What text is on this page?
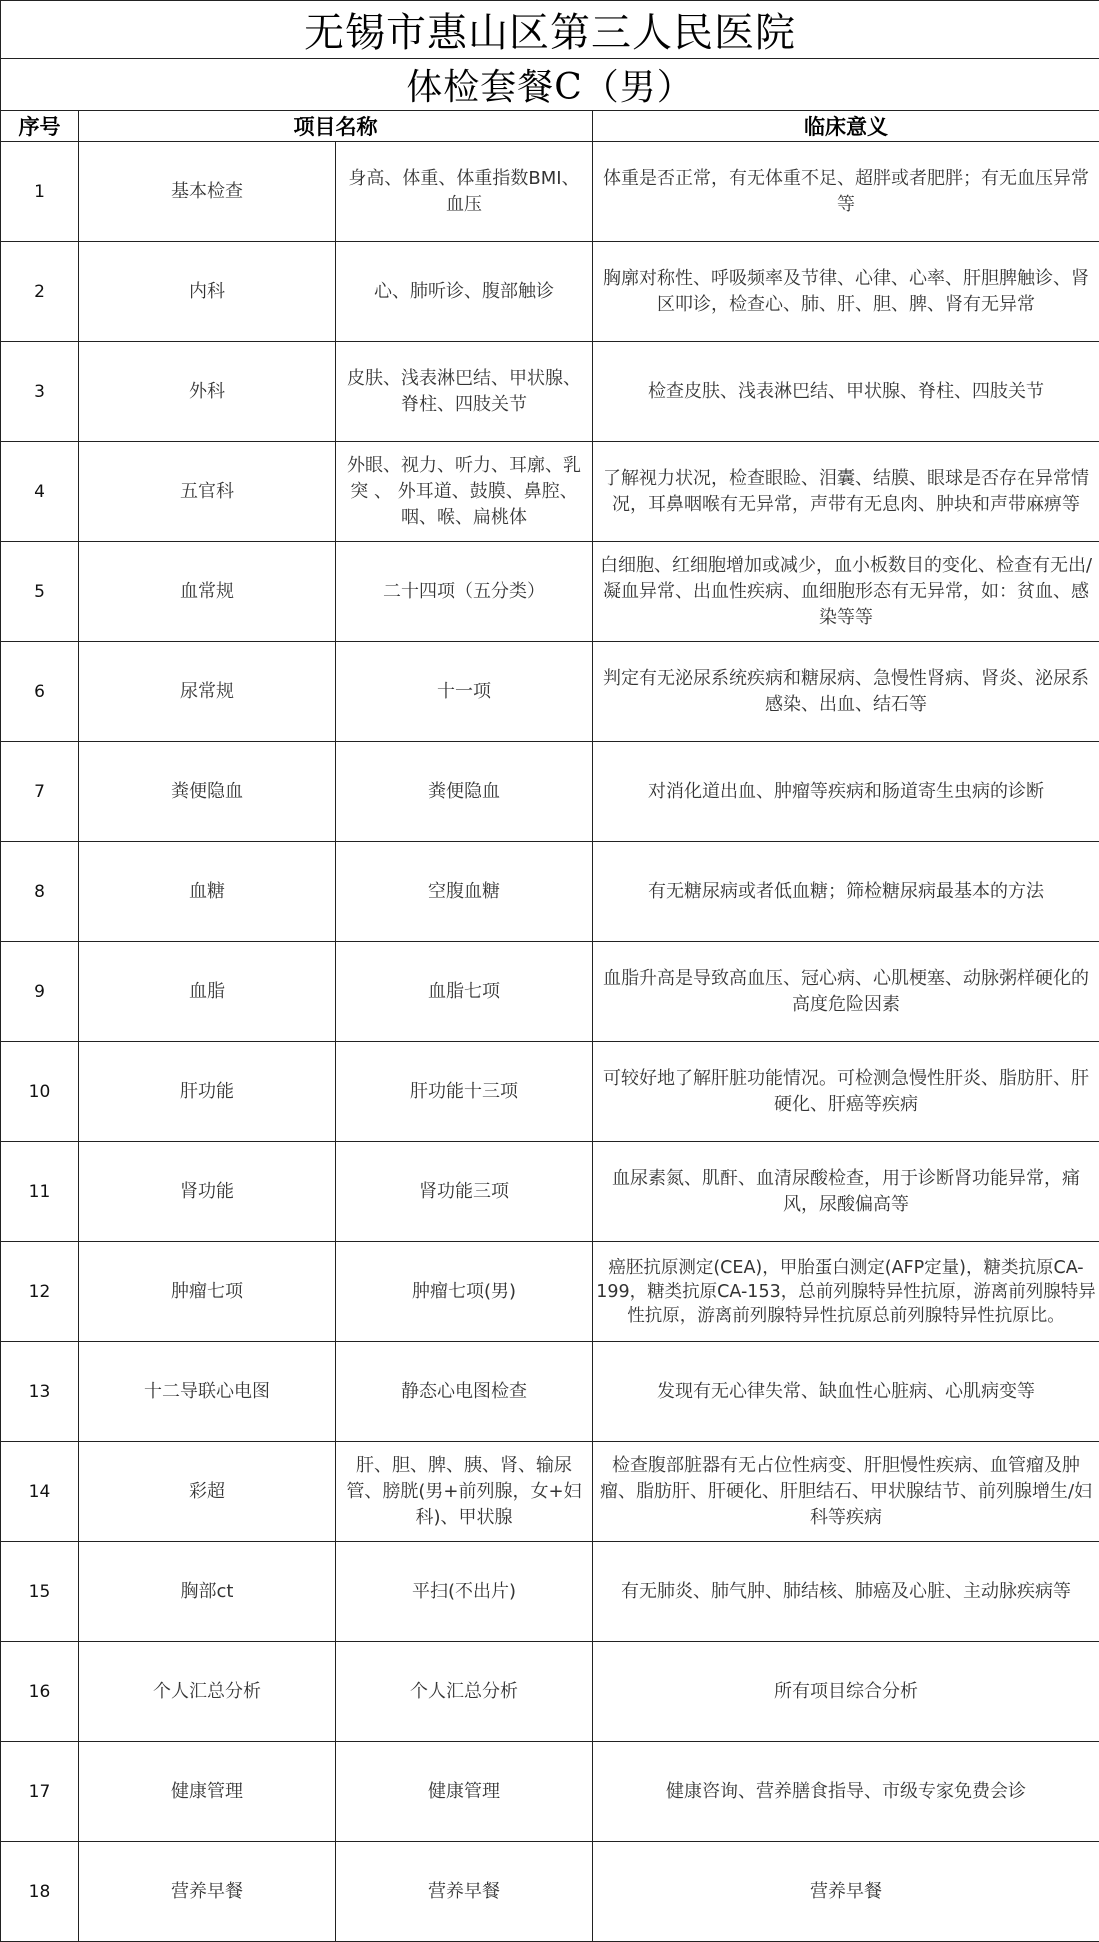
无锡市惠山区第三人民医院			
体检套餐C（男）			
序号	项目名称		临床意义
1	基本检查	身高、体重、体重指数BMI、血压	体重是否正常，有无体重不足、超胖或者肥胖；有无血压异常等
2	内科	心、肺听诊、腹部触诊	胸廓对称性、呼吸频率及节律、心律、心率、肝胆脾触诊、肾区叩诊，检查心、肺、肝、胆、脾、肾有无异常
3	外科	皮肤、浅表淋巴结、甲状腺、脊柱、四肢关节	检查皮肤、浅表淋巴结、甲状腺、脊柱、四肢关节
4	五官科	外眼、视力、听力、耳廓、乳突 、 外耳道、鼓膜、鼻腔、咽、喉、扁桃体	了解视力状况，检查眼睑、泪囊、结膜、眼球是否存在异常情况，耳鼻咽喉有无异常，声带有无息肉、肿块和声带麻痹等
5	血常规	二十四项（五分类）	白细胞、红细胞增加或减少，血小板数目的变化、检查有无出/ 凝血异常、出血性疾病、血细胞形态有无异常，如：贫血、感染等等
6	尿常规	十一项	判定有无泌尿系统疾病和糖尿病、急慢性肾病、肾炎、泌尿系感染、出血、结石等
7	粪便隐血	粪便隐血	对消化道出血、肿瘤等疾病和肠道寄生虫病的诊断
8	血糖	空腹血糖	有无糖尿病或者低血糖；筛检糖尿病最基本的方法
9	血脂	血脂七项	血脂升高是导致高血压、冠心病、心肌梗塞、动脉粥样硬化的高度危险因素
10	肝功能	肝功能十三项	可较好地了解肝脏功能情况。可检测急慢性肝炎、脂肪肝、肝硬化、肝癌等疾病
11	肾功能	肾功能三项	血尿素氮、肌酐、血清尿酸检查，用于诊断肾功能异常，痛风，尿酸偏高等
12	肿瘤七项	肿瘤七项(男)	癌胚抗原测定(CEA)，甲胎蛋白测定(AFP定量)，糖类抗原CA-199，糖类抗原CA-153，总前列腺特异性抗原，游离前列腺特异性抗原，游离前列腺特异性抗原总前列腺特异性抗原比。
13	十二导联心电图	静态心电图检查	发现有无心律失常、缺血性心脏病、心肌病变等
14	彩超	肝、胆、脾、胰、肾、输尿管、膀胱(男+前列腺，女+妇科)、甲状腺	检查腹部脏器有无占位性病变、肝胆慢性疾病、血管瘤及肿瘤、脂肪肝、肝硬化、肝胆结石、甲状腺结节、前列腺增生/妇科等疾病
15	胸部ct	平扫(不出片)	有无肺炎、肺气肿、肺结核、肺癌及心脏、主动脉疾病等
16	个人汇总分析	个人汇总分析	所有项目综合分析
17	健康管理	健康管理	健康咨询、营养膳食指导、市级专家免费会诊
18	营养早餐	营养早餐	营养早餐
